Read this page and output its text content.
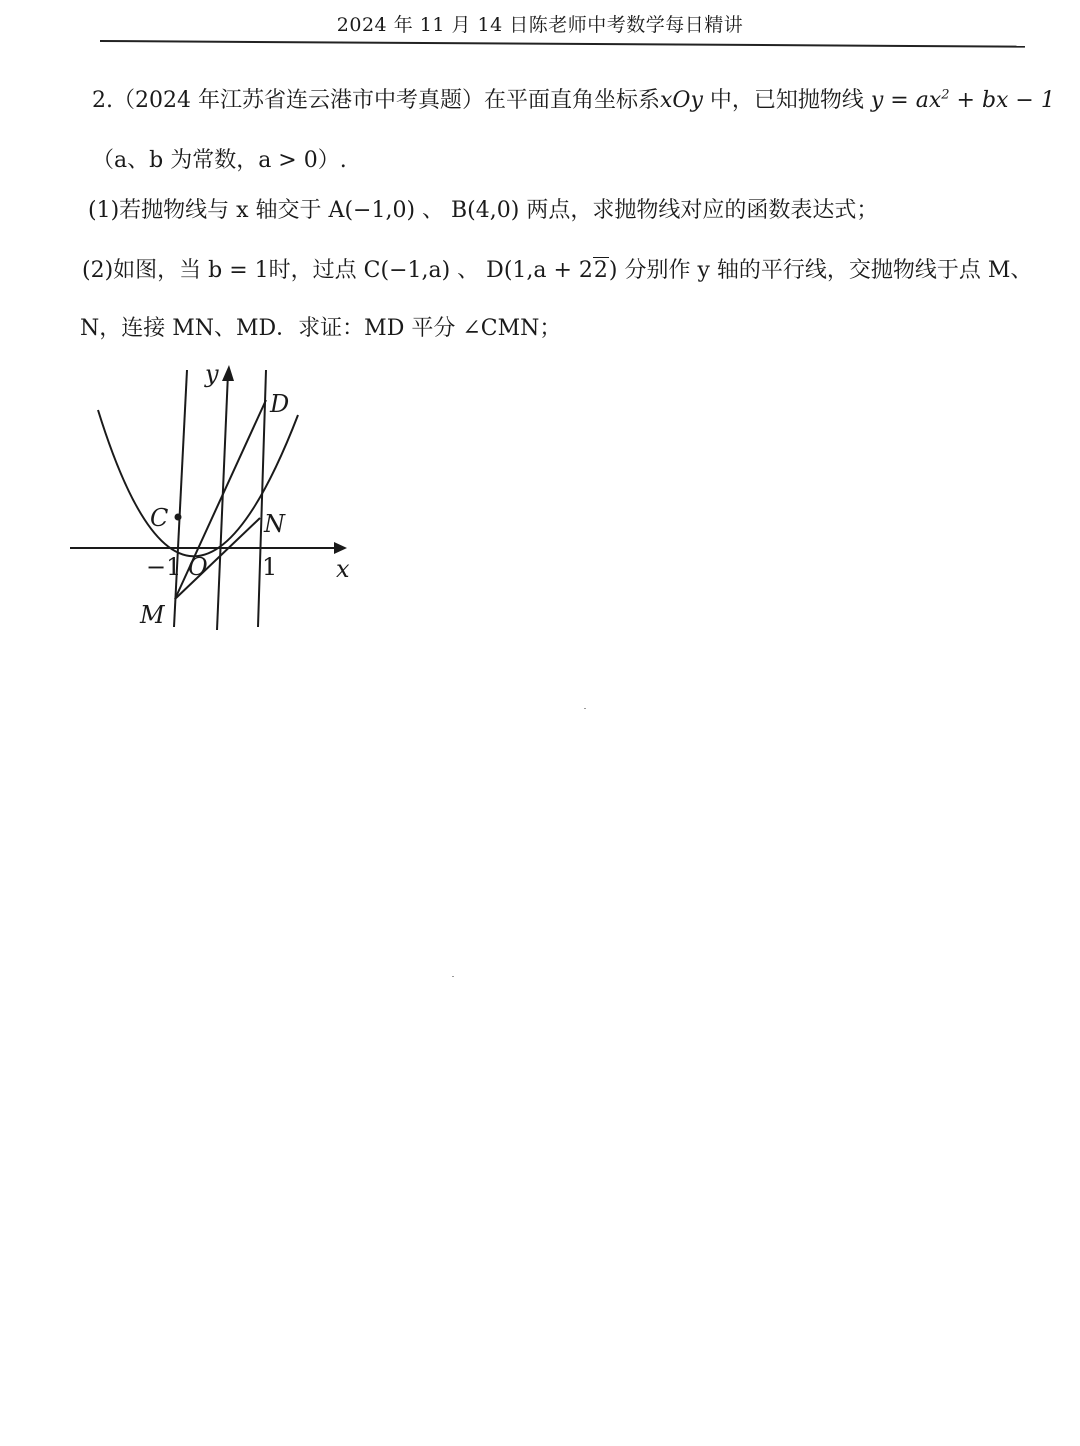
2024 年 11 月 14 日陈老师中考数学每日精讲
2.（2024 年江苏省连云港市中考真题）在平面直角坐标系xOy 中，已知抛物线 $y = ax^2$ + bx − 1
（a、b 为常数，a > 0）.
(1)若抛物线与 x 轴交于 A(−1,0) 、 B(4,0) 两点，求抛物线对应的函数表达式；
(2)如图，当 b = 1时，过点 C(−1,a) 、 D(1,a + 22) 分别作 y 轴的平行线，交抛物线于点 M、
N，连接 MN、MD．求证：MD 平分 ∠CMN；
y
x
D
C	N
M
O
−1	1
